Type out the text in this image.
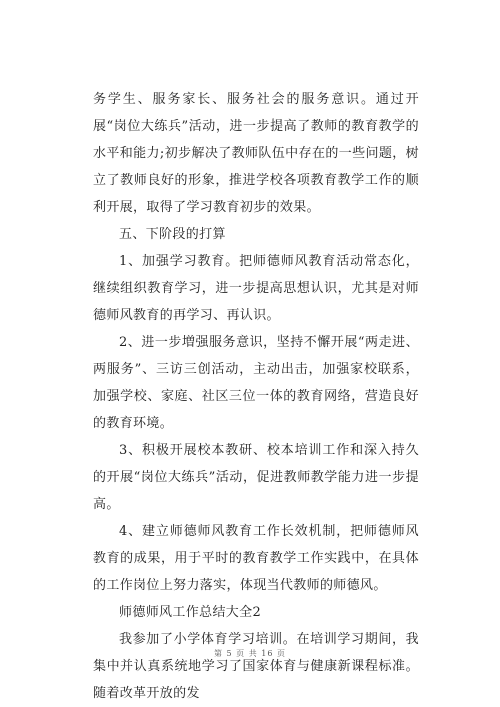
务学生、服务家长、服务社会的服务意识。通过开展“岗位大练兵”活动，进一步提高了教师的教育教学的水平和能力;初步解决了教师队伍中存在的一些问题，树立了教师良好的形象，推进学校各项教育教学工作的顺利开展，取得了学习教育初步的效果。

五、下阶段的打算

1、加强学习教育。把师德师风教育活动常态化，继续组织教育学习，进一步提高思想认识，尤其是对师德师风教育的再学习、再认识。

2、进一步増强服务意识，坚持不懈开展“两走进、两服务”、三访三创活动，主动出击，加强家校联系，加强学校、家庭、社区三位一体的教育网络，营造良好的教育环境。

3、积极开展校本教研、校本培训工作和深入持久的开展“岗位大练兵”活动，促进教师教学能力进一步提高。

4、建立师德师风教育工作长效机制，把师德师风教育的成果，用于平时的教育教学工作实践中，在具体的工作岗位上努力落实，体现当代教师的师德风。

师德师风工作总结大全2

我参加了小学体育学习培训。在培训学习期间，我集中并认真系统地学习了国家体育与健康新课程标准。随着改革开放的发

第 5 页 共 16 页
